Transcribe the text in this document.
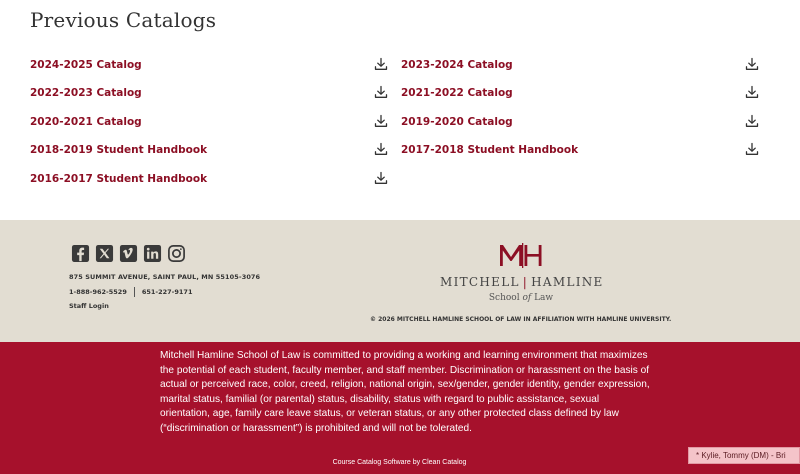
Previous Catalogs
2024-2025 Catalog
2022-2023 Catalog
2020-2021 Catalog
2018-2019 Student Handbook
2016-2017 Student Handbook
2023-2024 Catalog
2021-2022 Catalog
2019-2020 Catalog
2017-2018 Student Handbook
875 SUMMIT AVENUE, SAINT PAUL, MN 55105-3076
1-888-962-5529 651-227-9171
Staff Login
MITCHELL | HAMLINE
School of Law
© 2026 MITCHELL HAMLINE SCHOOL OF LAW IN AFFILIATION WITH HAMLINE UNIVERSITY.

Mitchell Hamline School of Law is committed to providing a working and learning environment that maximizes the potential of each student, faculty member, and staff member. Discrimination or harassment on the basis of actual or perceived race, color, creed, religion, national origin, sex/gender, gender identity, gender expression, marital status, familial (or parental) status, disability, status with regard to public assistance, sexual orientation, age, family care leave status, or veteran status, or any other protected class defined by law (“discrimination or harassment”) is prohibited and will not be tolerated.

Course Catalog Software by Clean Catalog
* Kylie, Tommy (DM) - Bri
